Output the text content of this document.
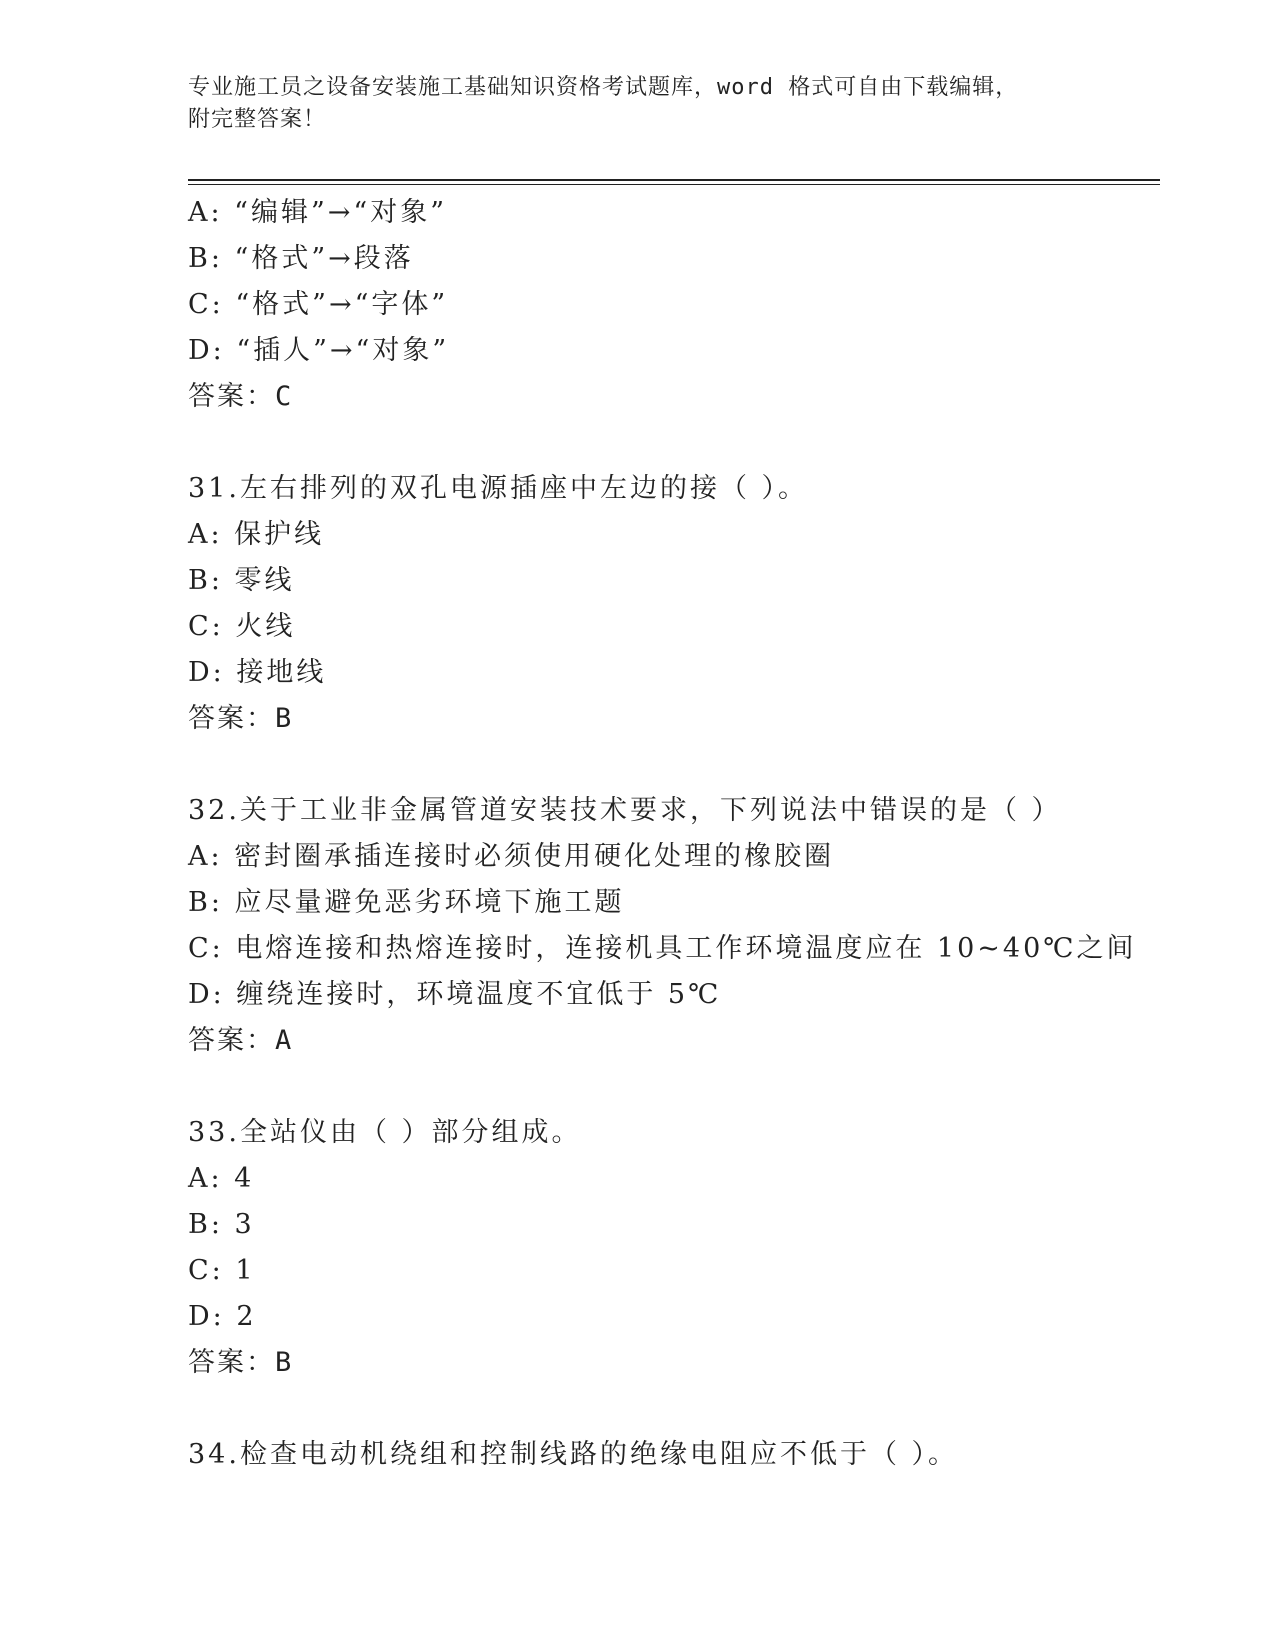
专业施工员之设备安装施工基础知识资格考试题库，word 格式可自由下载编辑，
附完整答案！
A: “编辑”→“对象”
B: “格式”→段落
C: “格式”→“字体”
D: “插人”→“对象”
答案：C
31.左右排列的双孔电源插座中左边的接（ ）。
A: 保护线
B: 零线
C: 火线
D: 接地线
答案：B
32.关于工业非金属管道安装技术要求，下列说法中错误的是（ ）
A: 密封圈承插连接时必须使用硬化处理的橡胶圈
B: 应尽量避免恶劣环境下施工题
C: 电熔连接和热熔连接时，连接机具工作环境温度应在 10~40℃之间
D: 缠绕连接时，环境温度不宜低于 5℃
答案：A
33.全站仪由（ ）部分组成。
A: 4
B: 3
C: 1
D: 2
答案：B
34.检查电动机绕组和控制线路的绝缘电阻应不低于（ ）。
